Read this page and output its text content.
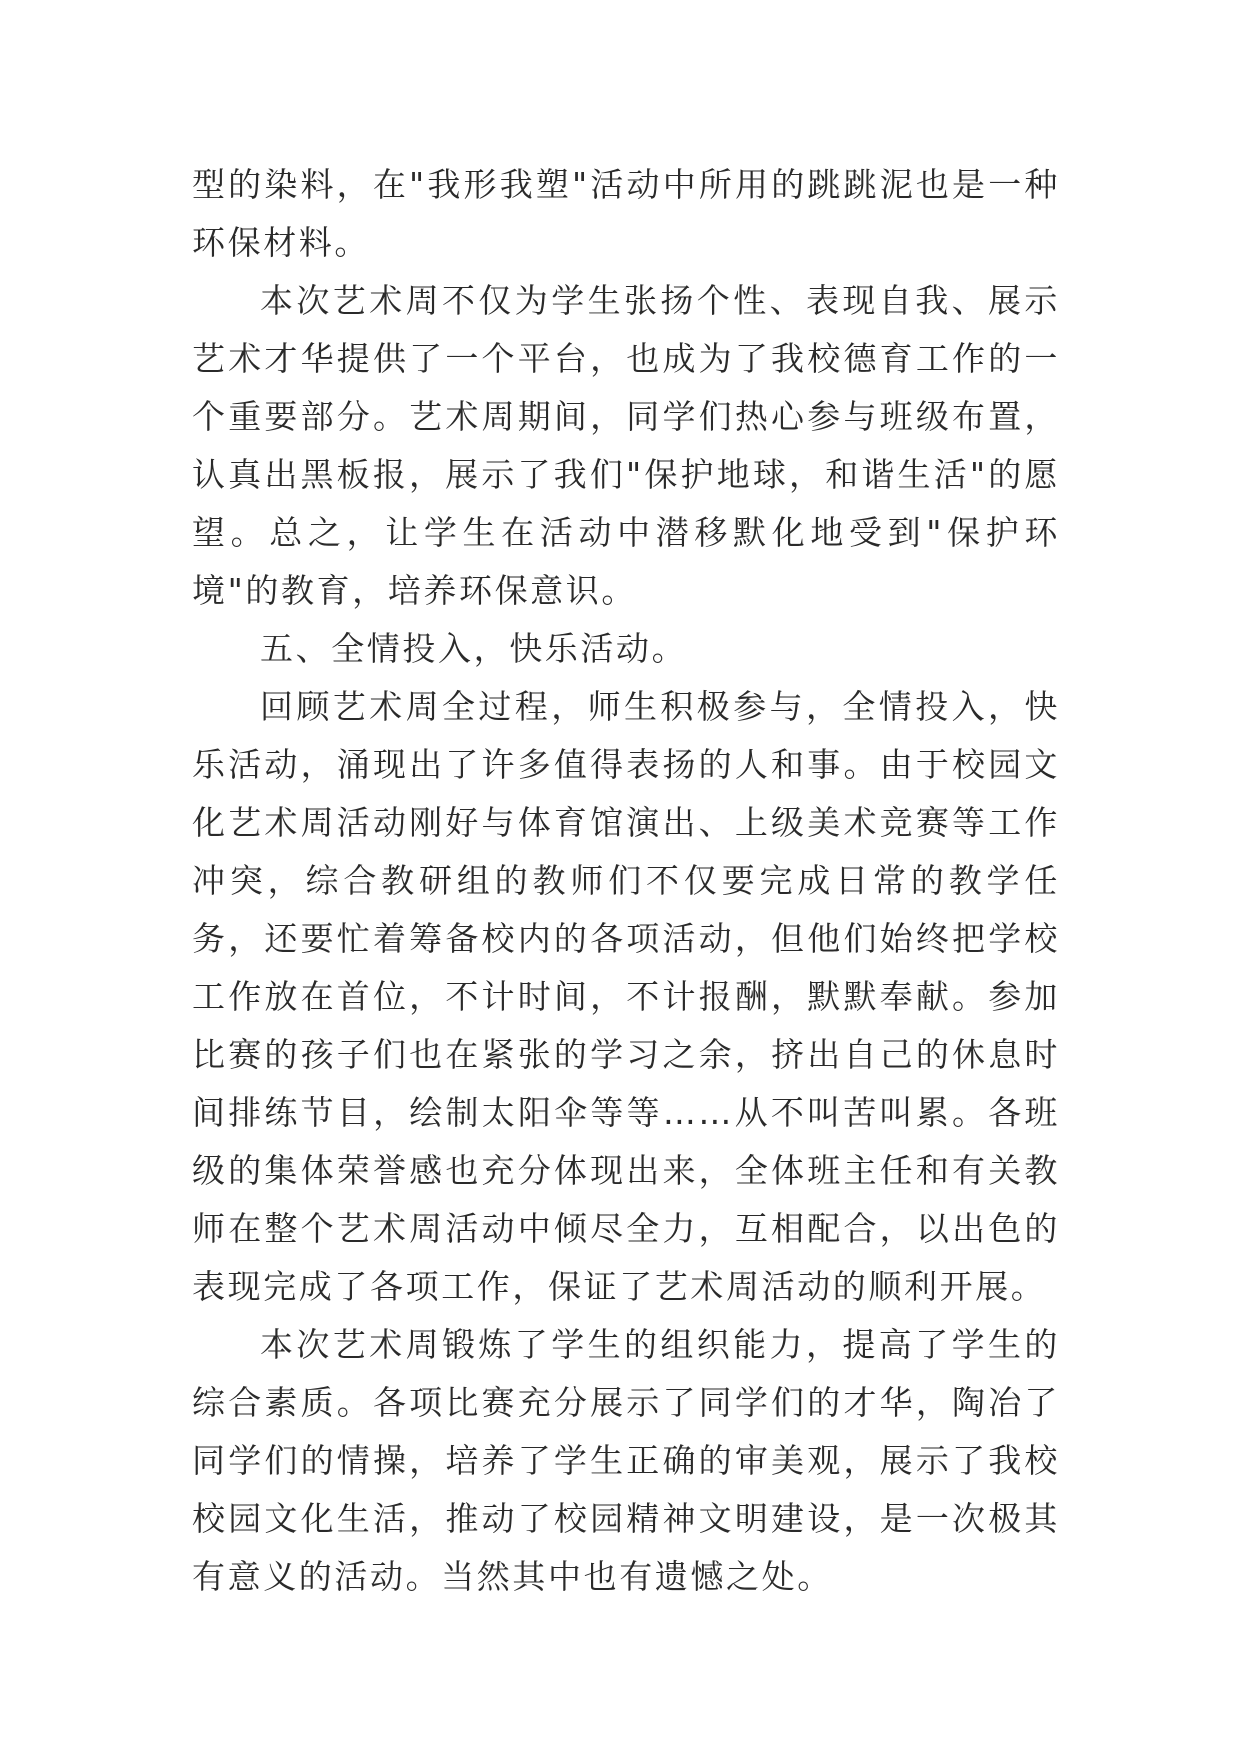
型的染料，在"我形我塑"活动中所用的跳跳泥也是一种环保材料。

本次艺术周不仅为学生张扬个性、表现自我、展示艺术才华提供了一个平台，也成为了我校德育工作的一个重要部分。艺术周期间，同学们热心参与班级布置，认真出黑板报，展示了我们"保护地球，和谐生活"的愿望。总之，让学生在活动中潜移默化地受到"保护环境"的教育，培养环保意识。

五、全情投入，快乐活动。

回顾艺术周全过程，师生积极参与，全情投入，快乐活动，涌现出了许多值得表扬的人和事。由于校园文化艺术周活动刚好与体育馆演出、上级美术竞赛等工作冲突，综合教研组的教师们不仅要完成日常的教学任务，还要忙着筹备校内的各项活动，但他们始终把学校工作放在首位，不计时间，不计报酬，默默奉献。参加比赛的孩子们也在紧张的学习之余，挤出自己的休息时间排练节目，绘制太阳伞等等……从不叫苦叫累。各班级的集体荣誉感也充分体现出来，全体班主任和有关教师在整个艺术周活动中倾尽全力，互相配合，以出色的表现完成了各项工作，保证了艺术周活动的顺利开展。

本次艺术周锻炼了学生的组织能力，提高了学生的综合素质。各项比赛充分展示了同学们的才华，陶冶了同学们的情操，培养了学生正确的审美观，展示了我校校园文化生活，推动了校园精神文明建设，是一次极其有意义的活动。当然其中也有遗憾之处。
